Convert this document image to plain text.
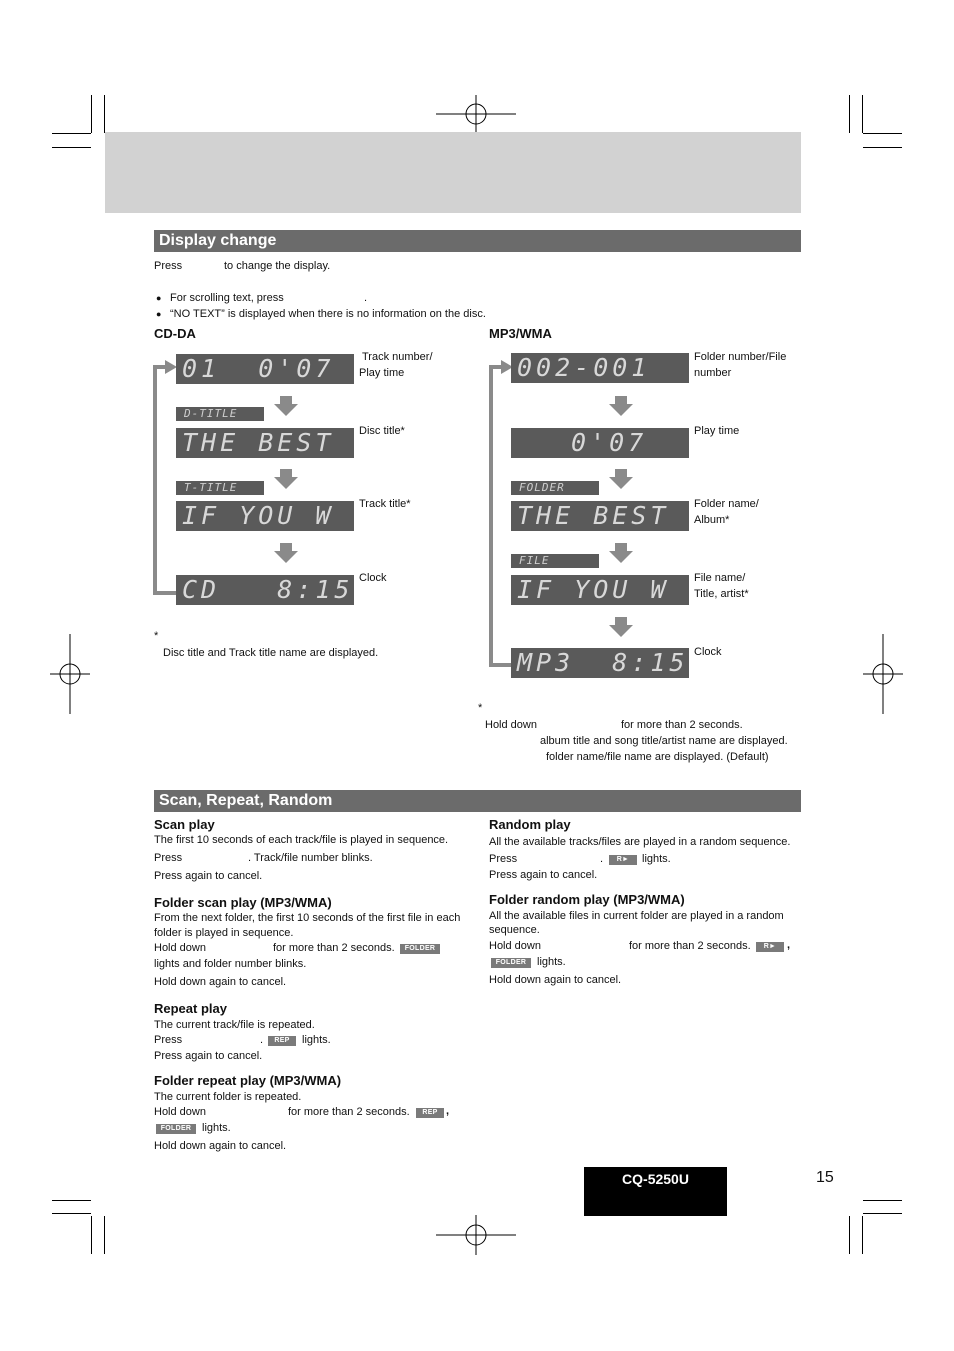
Display change
Press	to change the display.
● For scrolling text, press	.
● “NO TEXT” is displayed when there is no information on the disc.
CD-DA
01  0'07	Track number/
Play time
D-TITLE
THE BEST	Disc title*
T-TITLE
IF YOU W	Track title*
CD   8:15 Clock
*
Disc title and Track title name are displayed.
MP3/WMA
002-001	Folder number/File
number
0'07	Play time
FOLDER
THE BEST	Folder name/
Album*
FILE
IF YOU W	File name/
Title, artist*
MP3  8:15 Clock
*
Hold down	for more than 2 seconds.
album title and song title/artist name are displayed.
folder name/file name are displayed. (Default)
Scan, Repeat, Random
Scan play
The first 10 seconds of each track/file is played in sequence.
Press	. Track/file number blinks.
Press again to cancel.
Folder scan play (MP3/WMA)
From the next folder, the first 10 seconds of the first file in each
folder is played in sequence.
Hold down	for more than 2 seconds.	FOLDER
lights and folder number blinks.
Hold down again to cancel.
Repeat play
The current track/file is repeated.
Press	.	REP	lights.
Press again to cancel.
Folder repeat play (MP3/WMA)
The current folder is repeated.
Hold down	for more than 2 seconds.	REP ,
FOLDER lights.
Hold down again to cancel.
Random play
All the available tracks/files are played in a random sequence.
Press	.	R►	lights.
Press again to cancel.
Folder random play (MP3/WMA)
All the available files in current folder are played in a random
sequence.
Hold down	for more than 2 seconds.	R► ,
FOLDER lights.
Hold down again to cancel.
CQ-5250U	15
